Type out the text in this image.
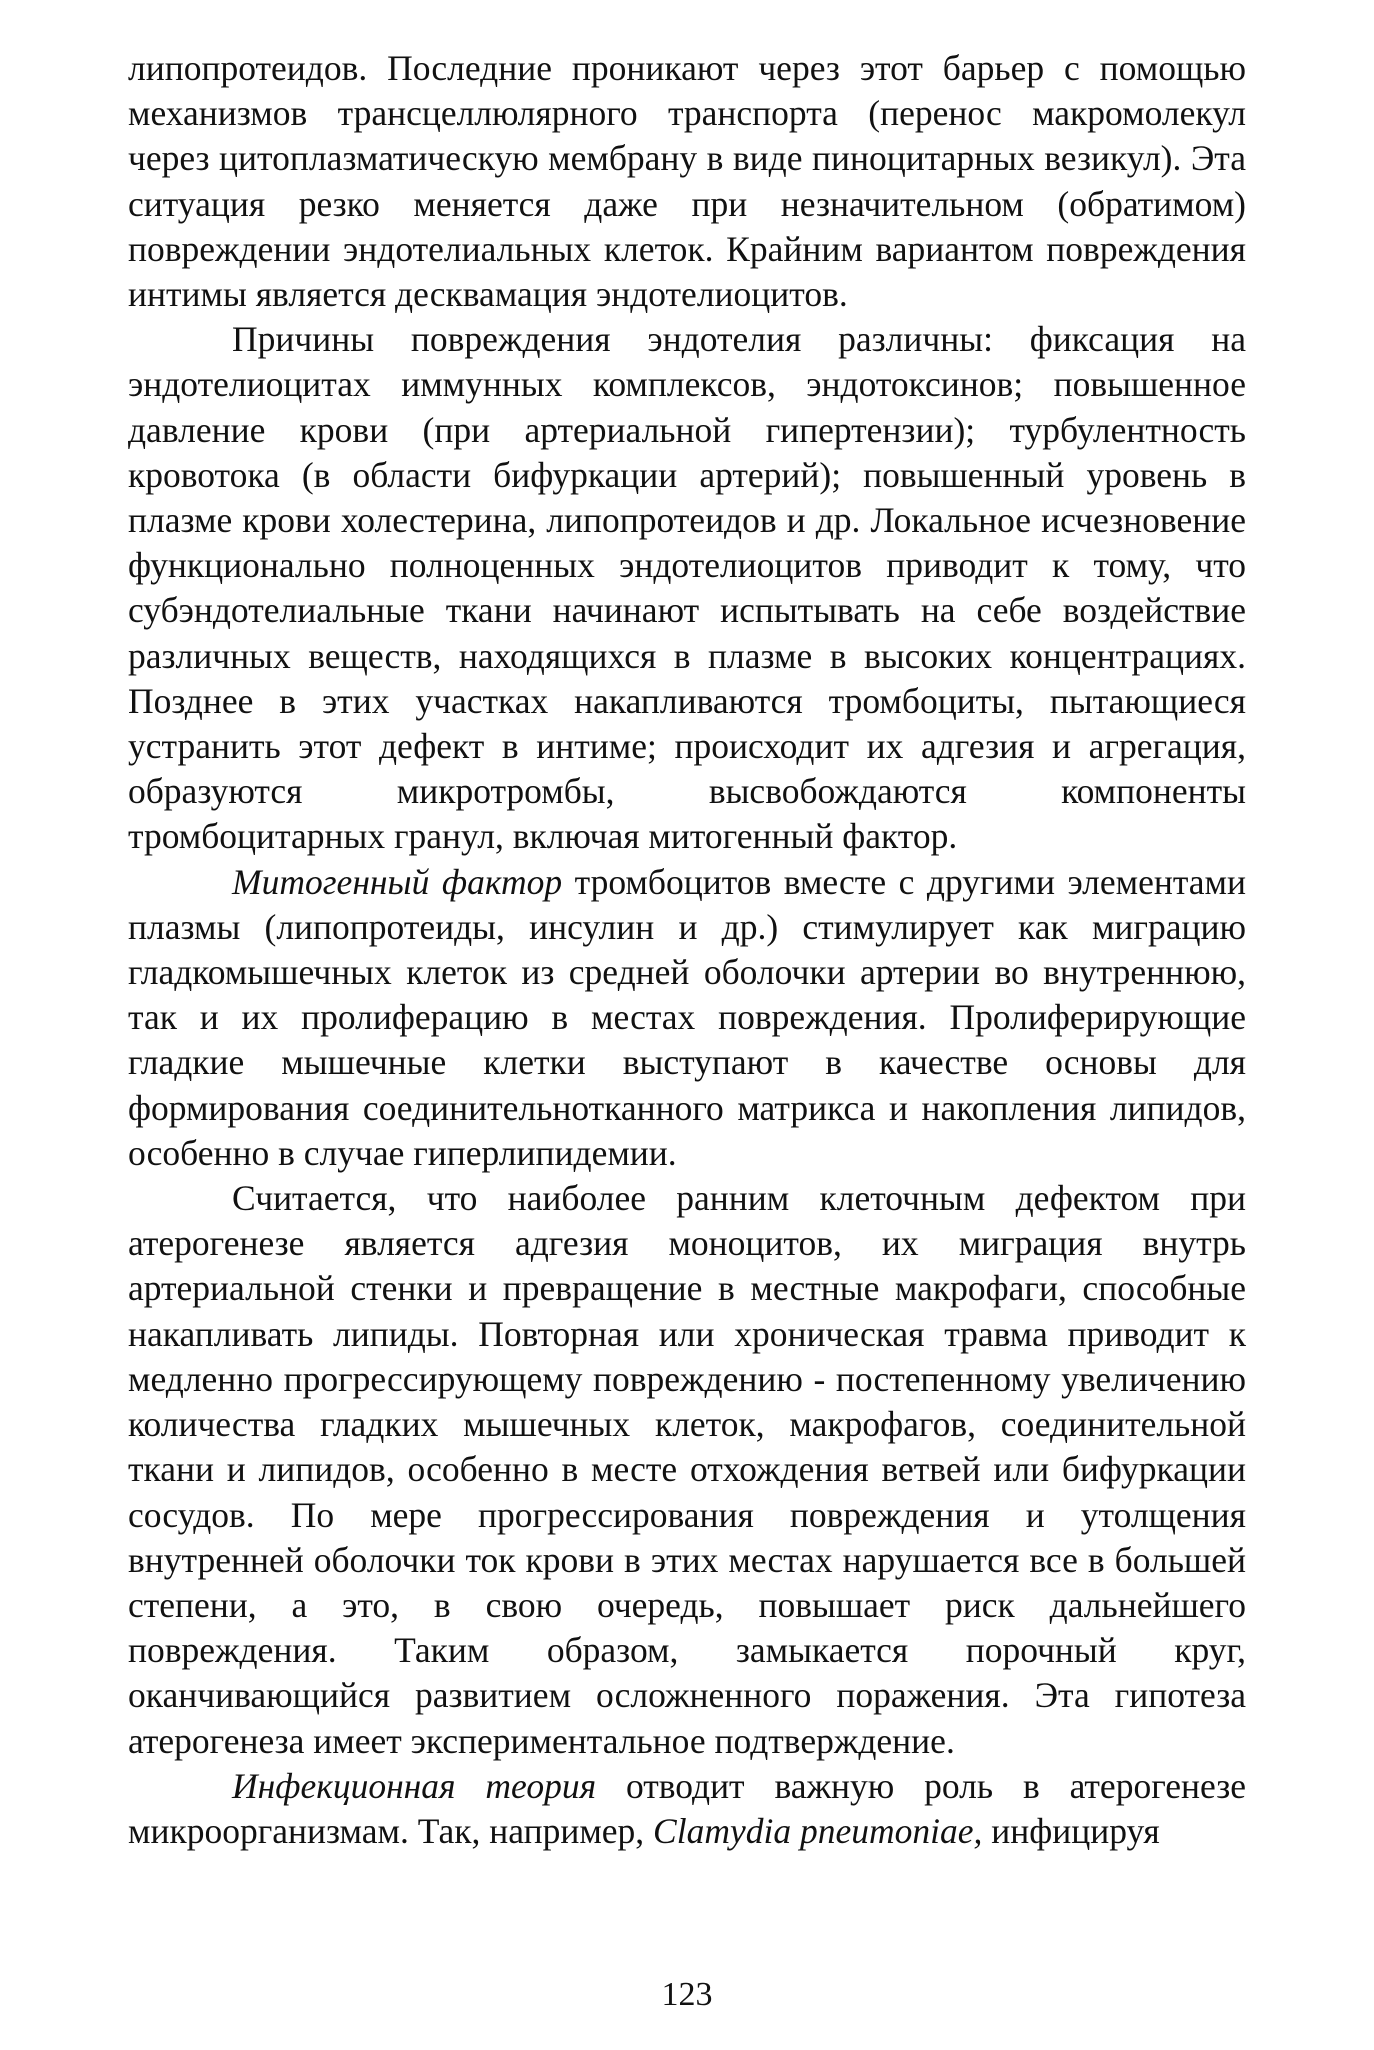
липопротеидов. Последние проникают через этот барьер с помощью механизмов трансцеллюлярного транспорта (перенос макромолекул через цитоплазматическую мембрану в виде пиноцитарных везикул). Эта ситуация резко меняется даже при незначительном (обратимом) повреждении эндотелиальных клеток. Крайним вариантом повреждения интимы является десквамация эндотелиоцитов.

Причины повреждения эндотелия различны: фиксация на эндотелиоцитах иммунных комплексов, эндотоксинов; повышенное давление крови (при артериальной гипертензии); турбулентность кровотока (в области бифуркации артерий); повышенный уровень в плазме крови холестерина, липопротеидов и др. Локальное исчезновение функционально полноценных эндотелиоцитов приводит к тому, что субэндотелиальные ткани начинают испытывать на себе воздействие различных веществ, находящихся в плазме в высоких концентрациях. Позднее в этих участках накапливаются тромбоциты, пытающиеся устранить этот дефект в интиме; происходит их адгезия и агрегация, образуются микротромбы, высвобождаются компоненты тромбоцитарных гранул, включая митогенный фактор.

Митогенный фактор тромбоцитов вместе с другими элементами плазмы (липопротеиды, инсулин и др.) стимулирует как миграцию гладкомышечных клеток из средней оболочки артерии во внутреннюю, так и их пролиферацию в местах повреждения. Пролиферирующие гладкие мышечные клетки выступают в качестве основы для формирования соединительнотканного матрикса и накопления липидов, особенно в случае гиперлипидемии.

Считается, что наиболее ранним клеточным дефектом при атерогенезе является адгезия моноцитов, их миграция внутрь артериальной стенки и превращение в местные макрофаги, способные накапливать липиды. Повторная или хроническая травма приводит к медленно прогрессирующему повреждению - постепенному увеличению количества гладких мышечных клеток, макрофагов, соединительной ткани и липидов, особенно в месте отхождения ветвей или бифуркации сосудов. По мере прогрессирования повреждения и утолщения внутренней оболочки ток крови в этих местах нарушается все в большей степени, а это, в свою очередь, повышает риск дальнейшего повреждения. Таким образом, замыкается порочный круг, оканчивающийся развитием осложненного поражения. Эта гипотеза атерогенеза имеет экспериментальное подтверждение.

Инфекционная теория отводит важную роль в атерогенезе микроорганизмам. Так, например, Clamydia pneumoniae, инфицируя

123
